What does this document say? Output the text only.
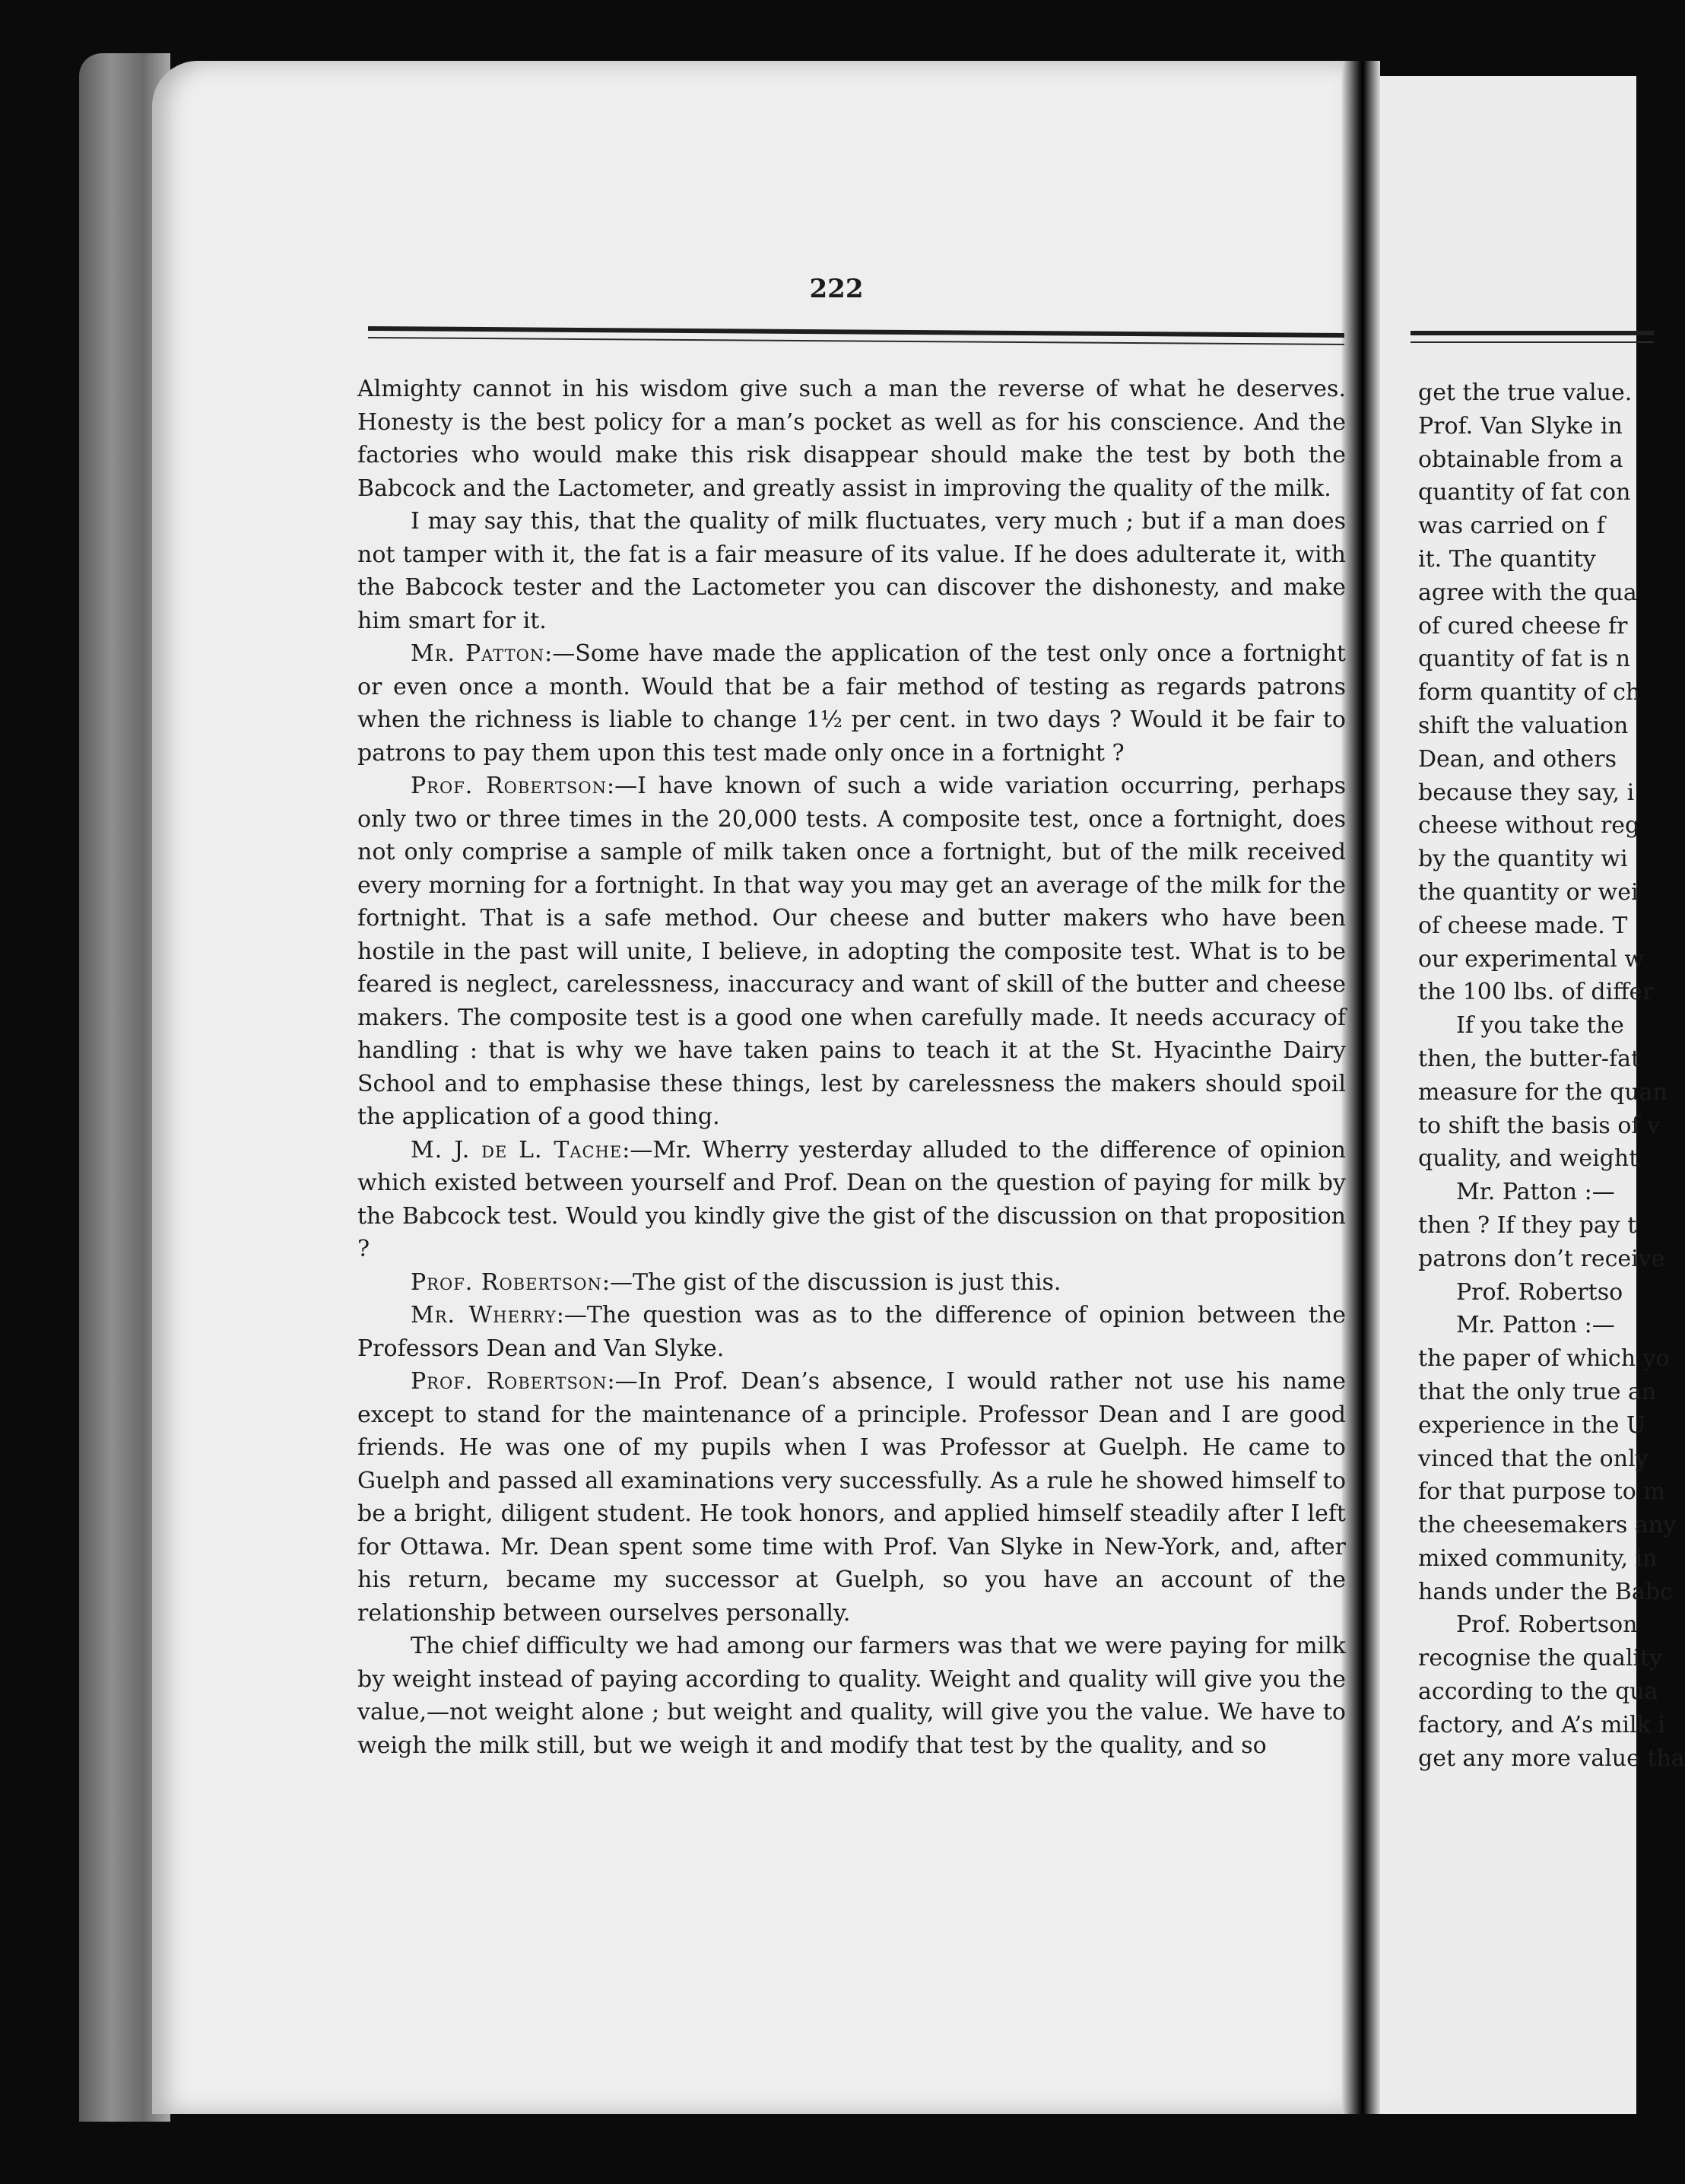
222

Almighty cannot in his wisdom give such a man the reverse of what he deserves. Honesty is the best policy for a man’s pocket as well as for his conscience. And the factories who would make this risk disappear should make the test by both the Babcock and the Lactometer, and greatly assist in improving the quality of the milk.

I may say this, that the quality of milk fluctuates, very much ; but if a man does not tamper with it, the fat is a fair measure of its value. If he does adulterate it, with the Babcock tester and the Lactometer you can discover the dishonesty, and make him smart for it.

Mr. Patton:—Some have made the application of the test only once a fortnight or even once a month. Would that be a fair method of testing as regards patrons when the richness is liable to change 1½ per cent. in two days ? Would it be fair to patrons to pay them upon this test made only once in a fortnight ?

Prof. Robertson:—I have known of such a wide variation occurring, perhaps only two or three times in the 20,000 tests. A composite test, once a fortnight, does not only comprise a sample of milk taken once a fortnight, but of the milk received every morning for a fortnight. In that way you may get an average of the milk for the fortnight. That is a safe method. Our cheese and butter makers who have been hostile in the past will unite, I believe, in adopting the composite test. What is to be feared is neglect, carelessness, inaccuracy and want of skill of the butter and cheese makers. The composite test is a good one when carefully made. It needs accuracy of handling : that is why we have taken pains to teach it at the St. Hyacinthe Dairy School and to emphasise these things, lest by carelessness the makers should spoil the application of a good thing.

M. J. de L. Tache:—Mr. Wherry yesterday alluded to the difference of opinion which existed between yourself and Prof. Dean on the question of paying for milk by the Babcock test. Would you kindly give the gist of the discussion on that proposition ?

Prof. Robertson:—The gist of the discussion is just this.

Mr. Wherry:—The question was as to the difference of opinion between the Professors Dean and Van Slyke.

Prof. Robertson:—In Prof. Dean’s absence, I would rather not use his name except to stand for the maintenance of a principle. Professor Dean and I are good friends. He was one of my pupils when I was Professor at Guelph. He came to Guelph and passed all examinations very successfully. As a rule he showed himself to be a bright, diligent student. He took honors, and applied himself steadily after I left for Ottawa. Mr. Dean spent some time with Prof. Van Slyke in New-York, and, after his return, became my successor at Guelph, so you have an account of the relationship between ourselves personally.

The chief difficulty we had among our farmers was that we were paying for milk by weight instead of paying according to quality. Weight and quality will give you the value,—not weight alone ; but weight and quality, will give you the value. We have to weigh the milk still, but we weigh it and modify that test by the quality, and so

get the true value.
Prof. Van Slyke in
obtainable from a
quantity of fat con
was carried on f
it. The quantity
agree with the qua
of cured cheese fr
quantity of fat is n
form quantity of ch
shift the valuation
Dean, and others
because they say, i
cheese without reg
by the quantity wi
the quantity or wei
of cheese made. T
our experimental w
the 100 lbs. of differ
If you take the
then, the butter-fat
measure for the quan
to shift the basis of v
quality, and weight
Mr. Patton :—
then ? If they pay t
patrons don’t receive
Prof. Robertso
Mr. Patton :—
the paper of which yo
that the only true an
experience in the U
vinced that the only
for that purpose to m
the cheesemakers any
mixed community, in
hands under the Babc
Prof. Robertson
recognise the quality
according to the qua
factory, and A’s milk i
get any more value tha
